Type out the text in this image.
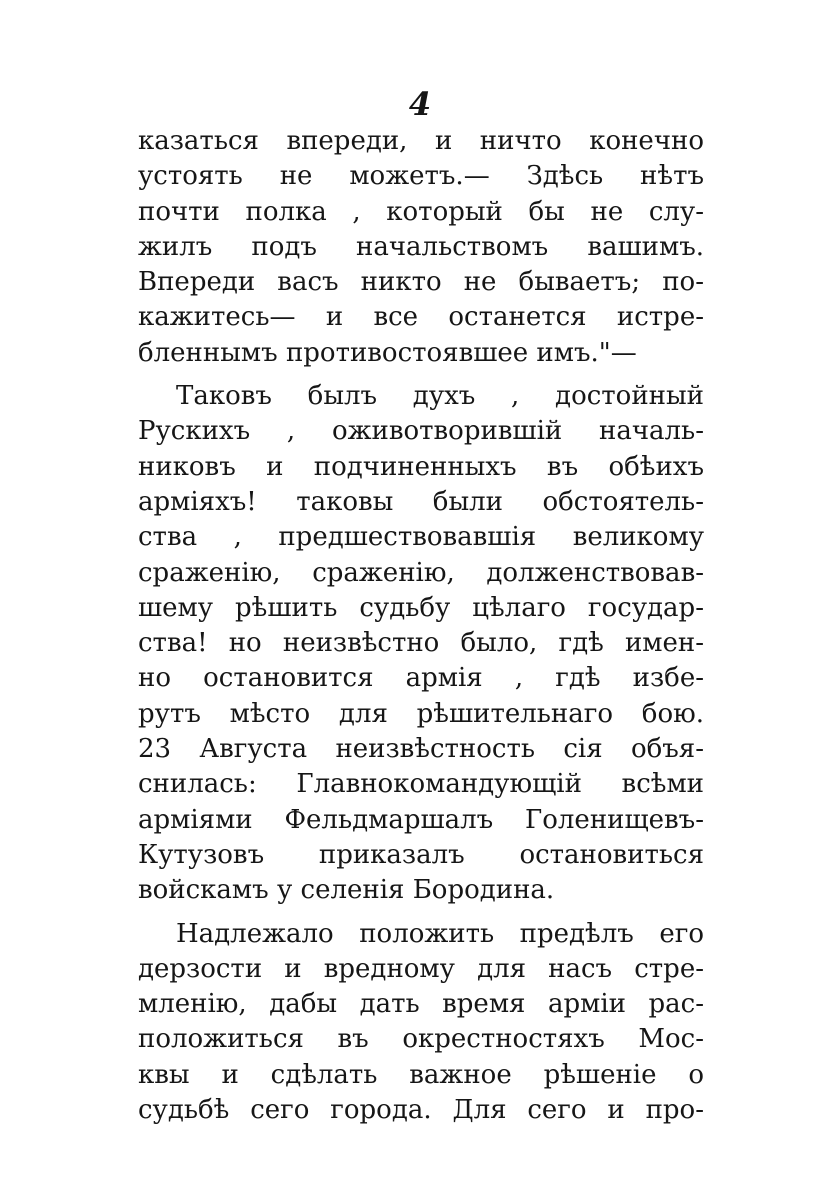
4
казаться впереди, и ничто конечно
устоять не можетъ.— Здѣсь нѣтъ
почти полка , который бы не слу-
жилъ подъ начальствомъ вашимъ.
Впереди васъ никто не бываетъ; по-
кажитесь— и все останется истре-
бленнымъ противостоявшее имъ."—
Таковъ былъ духъ , достойный
Рускихъ , оживотворившій началь-
никовъ и подчиненныхъ въ обѣихъ
арміяхъ! таковы были обстоятель-
ства , предшествовавшія великому
сраженію, сраженію, долженствовав-
шему рѣшить судьбу цѣлаго государ-
ства! но неизвѣстно было, гдѣ имен-
но остановится армія , гдѣ избе-
рутъ мѣсто для рѣшительнаго бою.
23 Августа неизвѣстность сія объя-
снилась: Главнокомандующій всѣми
арміями Фельдмаршалъ Голенищевъ-
Кутузовъ приказалъ остановиться
войскамъ у селенія Бородина.
Надлежало положить предѣлъ его
дерзости и вредному для насъ стре-
мленію, дабы дать время арміи рас-
положиться въ окрестностяхъ Мос-
квы и сдѣлать важное рѣшеніе о
судьбѣ сего города. Для сего и про-
